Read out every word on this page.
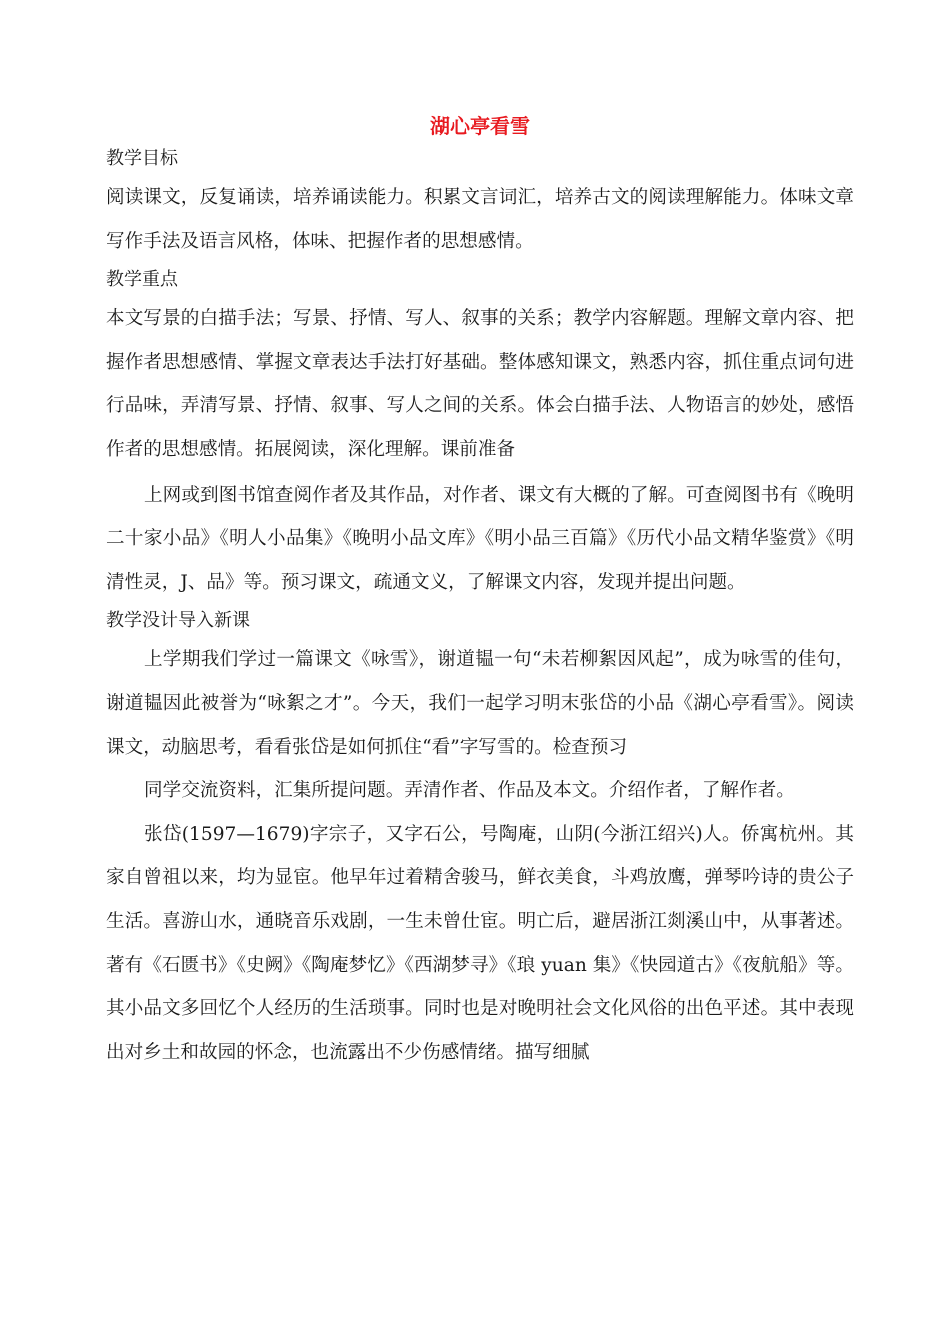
湖心亭看雪

教学目标

阅读课文，反复诵读，培养诵读能力。积累文言词汇，培养古文的阅读理解能力。体味文章写作手法及语言风格，体味、把握作者的思想感情。

教学重点

本文写景的白描手法；写景、抒情、写人、叙事的关系；教学内容解题。理解文章内容、把握作者思想感情、掌握文章表达手法打好基础。整体感知课文，熟悉内容，抓住重点词句进行品味，弄清写景、抒情、叙事、写人之间的关系。体会白描手法、人物语言的妙处，感悟作者的思想感情。拓展阅读，深化理解。课前准备

上网或到图书馆查阅作者及其作品，对作者、课文有大概的了解。可查阅图书有《晚明二十家小品》《明人小品集》《晚明小品文库》《明小品三百篇》《历代小品文精华鉴赏》《明清性灵，J、品》等。预习课文，疏通文义，了解课文内容，发现并提出问题。

教学没计导入新课

上学期我们学过一篇课文《咏雪》，谢道韫一句“未若柳絮因风起”，成为咏雪的佳句，谢道韫因此被誉为“咏絮之才”。今天，我们一起学习明末张岱的小品《湖心亭看雪》。阅读课文，动脑思考，看看张岱是如何抓住“看”字写雪的。检查预习

同学交流资料，汇集所提问题。弄清作者、作品及本文。介绍作者，了解作者。

张岱(1597—1679)字宗子，又字石公，号陶庵，山阴(今浙江绍兴)人。侨寓杭州。其家自曾祖以来，均为显宦。他早年过着精舍骏马，鲜衣美食，斗鸡放鹰，弹琴吟诗的贵公子生活。喜游山水，通晓音乐戏剧，一生未曾仕宦。明亡后，避居浙江剡溪山中，从事著述。著有《石匮书》《史阙》《陶庵梦忆》《西湖梦寻》《琅 yuan 集》《快园道古》《夜航船》等。其小品文多回忆个人经历的生活琐事。同时也是对晚明社会文化风俗的出色平述。其中表现出对乡土和故园的怀念，也流露出不少伤感情绪。描写细腻
